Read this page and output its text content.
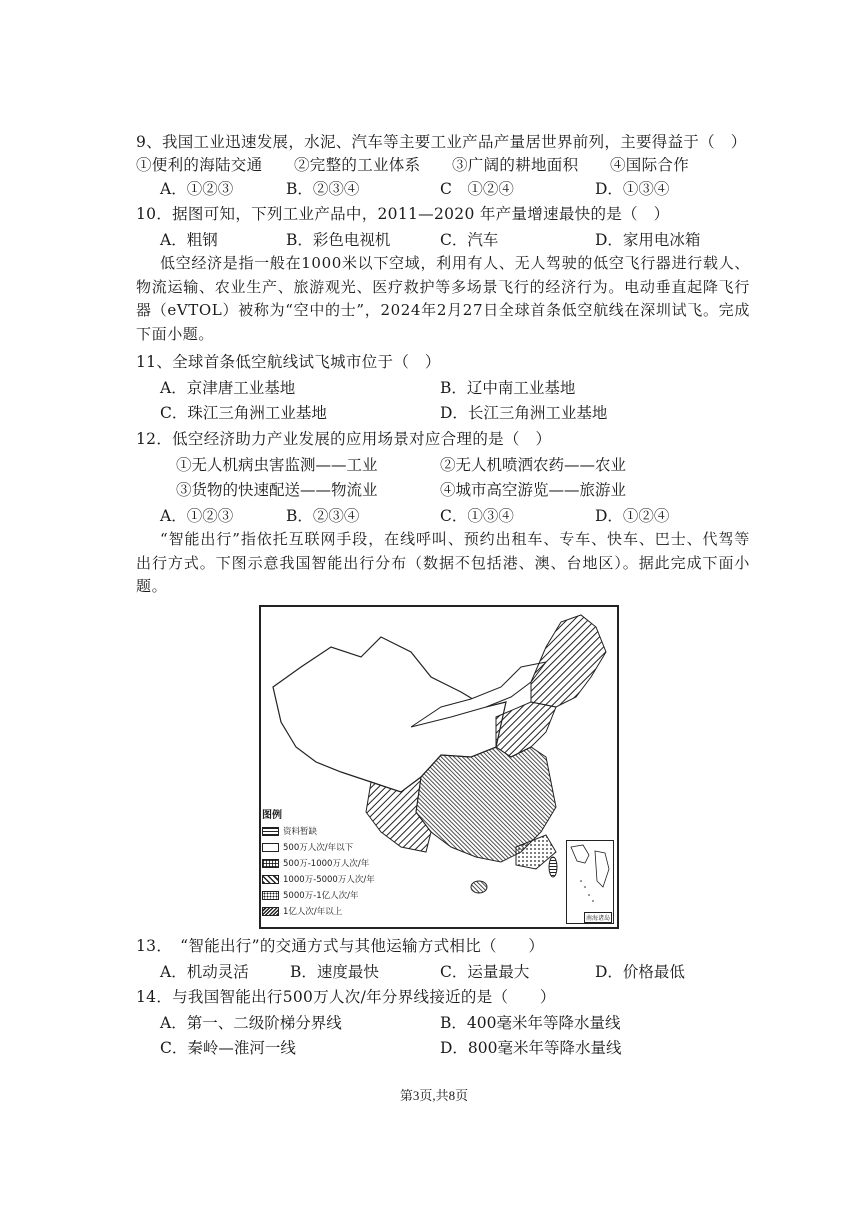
9、我国工业迅速发展，水泥、汽车等主要工业产品产量居世界前列，主要得益于（　）
①便利的海陆交通　　②完整的工业体系　　③广阔的耕地面积　　④国际合作
A．①②③	B．②③④	C　①②④	D．①③④
10．据图可知，下列工业产品中，2011—2020 年产量增速最快的是（　）
A．粗钢	B．彩色电视机	C．汽车	D．家用电冰箱
低空经济是指一般在1000米以下空域，利用有人、无人驾驶的低空飞行器进行载人、物流运输、农业生产、旅游观光、医疗救护等多场景飞行的经济行为。电动垂直起降飞行器（eVTOL）被称为“空中的士”，2024年2月27日全球首条低空航线在深圳试飞。完成下面小题。
11、全球首条低空航线试飞城市位于（　）
A．京津唐工业基地	B．辽中南工业基地
C．珠江三角洲工业基地	D．长江三角洲工业基地
12．低空经济助力产业发展的应用场景对应合理的是（　）
①无人机病虫害监测——工业	②无人机喷洒农药——农业
③货物的快速配送——物流业	④城市高空游览——旅游业
A．①②③	B．②③④	C．①③④	D．①②④
“智能出行”指依托互联网手段，在线呼叫、预约出租车、专车、快车、巴士、代驾等出行方式。下图示意我国智能出行分布（数据不包括港、澳、台地区）。据此完成下面小题。
图例
资料暂缺
500万人次/年以下
500万-1000万人次/年
1000万-5000万人次/年
5000万-1亿人次/年
1亿人次/年以上
南海诸岛
13．　“智能出行”的交通方式与其他运输方式相比（　　）
A．机动灵活	B．速度最快	C．运量最大	D．价格最低
14．与我国智能出行500万人次/年分界线接近的是（　　）
A．第一、二级阶梯分界线	B．400毫米年等降水量线
C．秦岭—淮河一线	D．800毫米年等降水量线
第3页,共8页
